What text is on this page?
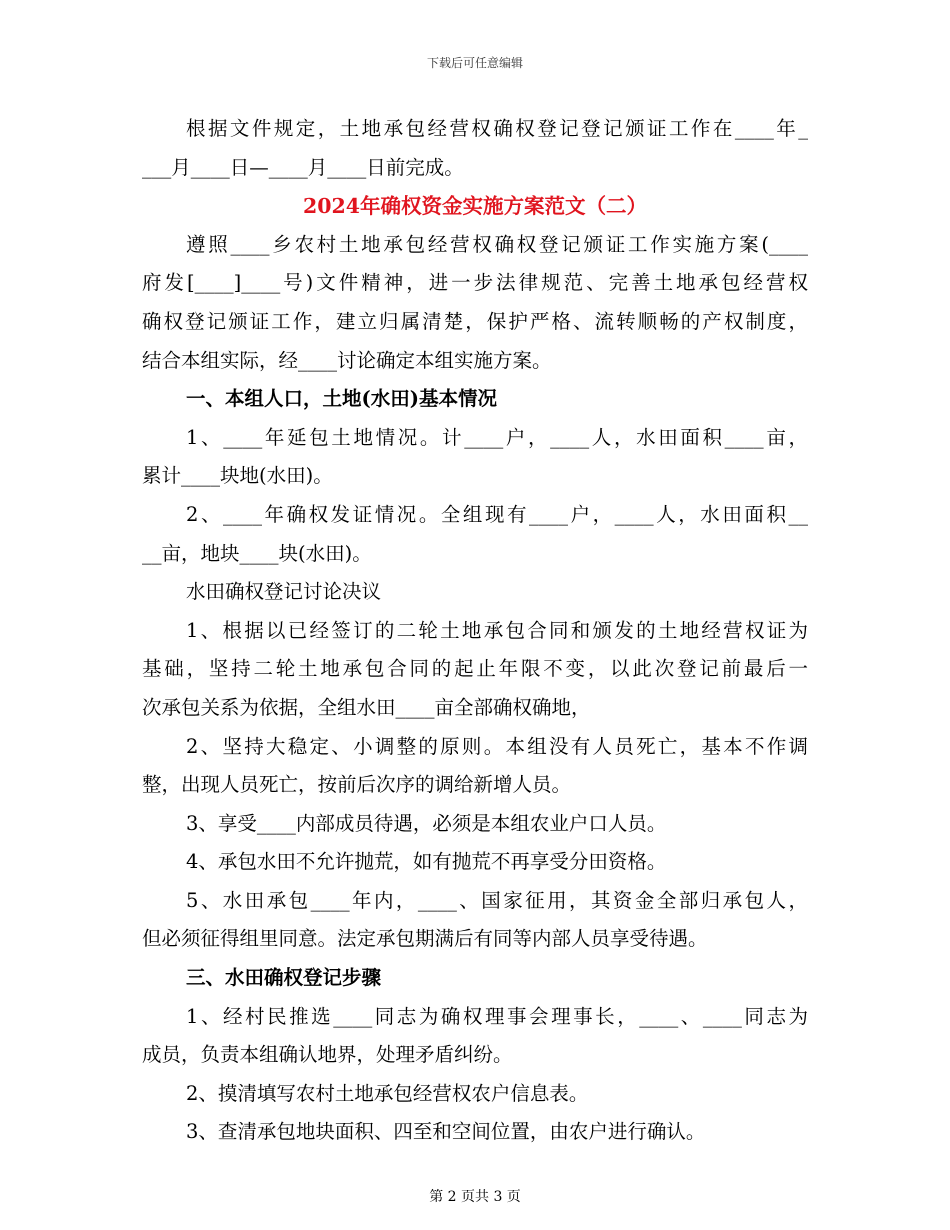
下载后可任意编辑
根据文件规定，土地承包经营权确权登记登记颁证工作在____年_
___月____日—____月____日前完成。
2024年确权资金实施方案范文（二）
遵照____乡农村土地承包经营权确权登记颁证工作实施方案(____
府发[____]____号)文件精神，进一步法律规范、完善土地承包经营权
确权登记颁证工作，建立归属清楚，保护严格、流转顺畅的产权制度，
结合本组实际，经____讨论确定本组实施方案。
一、本组人口，土地(水田)基本情况
1、____年延包土地情况。计____户，____人，水田面积____亩，
累计____块地(水田)。
2、____年确权发证情况。全组现有____户，____人，水田面积__
__亩，地块____块(水田)。
水田确权登记讨论决议
1、根据以已经签订的二轮土地承包合同和颁发的土地经营权证为
基础，坚持二轮土地承包合同的起止年限不变，以此次登记前最后一
次承包关系为依据，全组水田____亩全部确权确地，
2、坚持大稳定、小调整的原则。本组没有人员死亡，基本不作调
整，出现人员死亡，按前后次序的调给新增人员。
3、享受____内部成员待遇，必须是本组农业户口人员。
4、承包水田不允许抛荒，如有抛荒不再享受分田资格。
5、水田承包____年内，____、国家征用，其资金全部归承包人，
但必须征得组里同意。法定承包期满后有同等内部人员享受待遇。
三、水田确权登记步骤
1、经村民推选____同志为确权理事会理事长，____、____同志为
成员，负责本组确认地界，处理矛盾纠纷。
2、摸清填写农村土地承包经营权农户信息表。
3、查清承包地块面积、四至和空间位置，由农户进行确认。
第 2 页共 3 页
